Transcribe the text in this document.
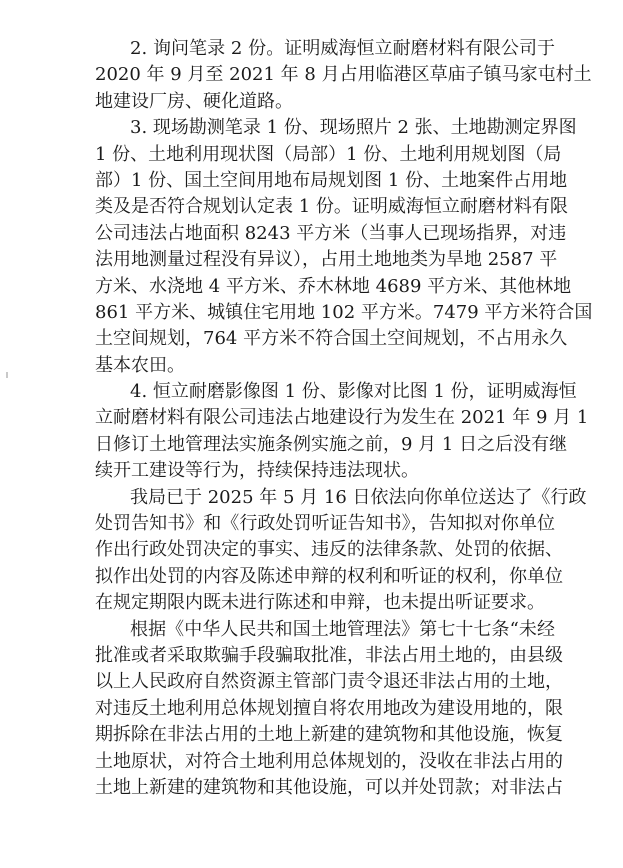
2. 询问笔录 2 份。证明威海恒立耐磨材料有限公司于
2020 年 9 月至 2021 年 8 月占用临港区草庙子镇马家屯村土
地建设厂房、硬化道路。
3. 现场勘测笔录 1 份、现场照片 2 张、土地勘测定界图
1 份、土地利用现状图（局部）1 份、土地利用规划图（局
部）1 份、国土空间用地布局规划图 1 份、土地案件占用地
类及是否符合规划认定表 1 份。证明威海恒立耐磨材料有限
公司违法占地面积 8243 平方米（当事人已现场指界，对违
法用地测量过程没有异议），占用土地地类为旱地 2587 平
方米、水浇地 4 平方米、乔木林地 4689 平方米、其他林地
861 平方米、城镇住宅用地 102 平方米。7479 平方米符合国
土空间规划，764 平方米不符合国土空间规划，不占用永久
基本农田。
4. 恒立耐磨影像图 1 份、影像对比图 1 份，证明威海恒
立耐磨材料有限公司违法占地建设行为发生在 2021 年 9 月 1
日修订土地管理法实施条例实施之前，9 月 1 日之后没有继
续开工建设等行为，持续保持违法现状。
我局已于 2025 年 5 月 16 日依法向你单位送达了《行政
处罚告知书》和《行政处罚听证告知书》，告知拟对你单位
作出行政处罚决定的事实、违反的法律条款、处罚的依据、
拟作出处罚的内容及陈述申辩的权利和听证的权利，你单位
在规定期限内既未进行陈述和申辩，也未提出听证要求。
根据《中华人民共和国土地管理法》第七十七条“未经
批准或者采取欺骗手段骗取批准，非法占用土地的，由县级
以上人民政府自然资源主管部门责令退还非法占用的土地，
对违反土地利用总体规划擅自将农用地改为建设用地的，限
期拆除在非法占用的土地上新建的建筑物和其他设施，恢复
土地原状，对符合土地利用总体规划的，没收在非法占用的
土地上新建的建筑物和其他设施，可以并处罚款；对非法占
